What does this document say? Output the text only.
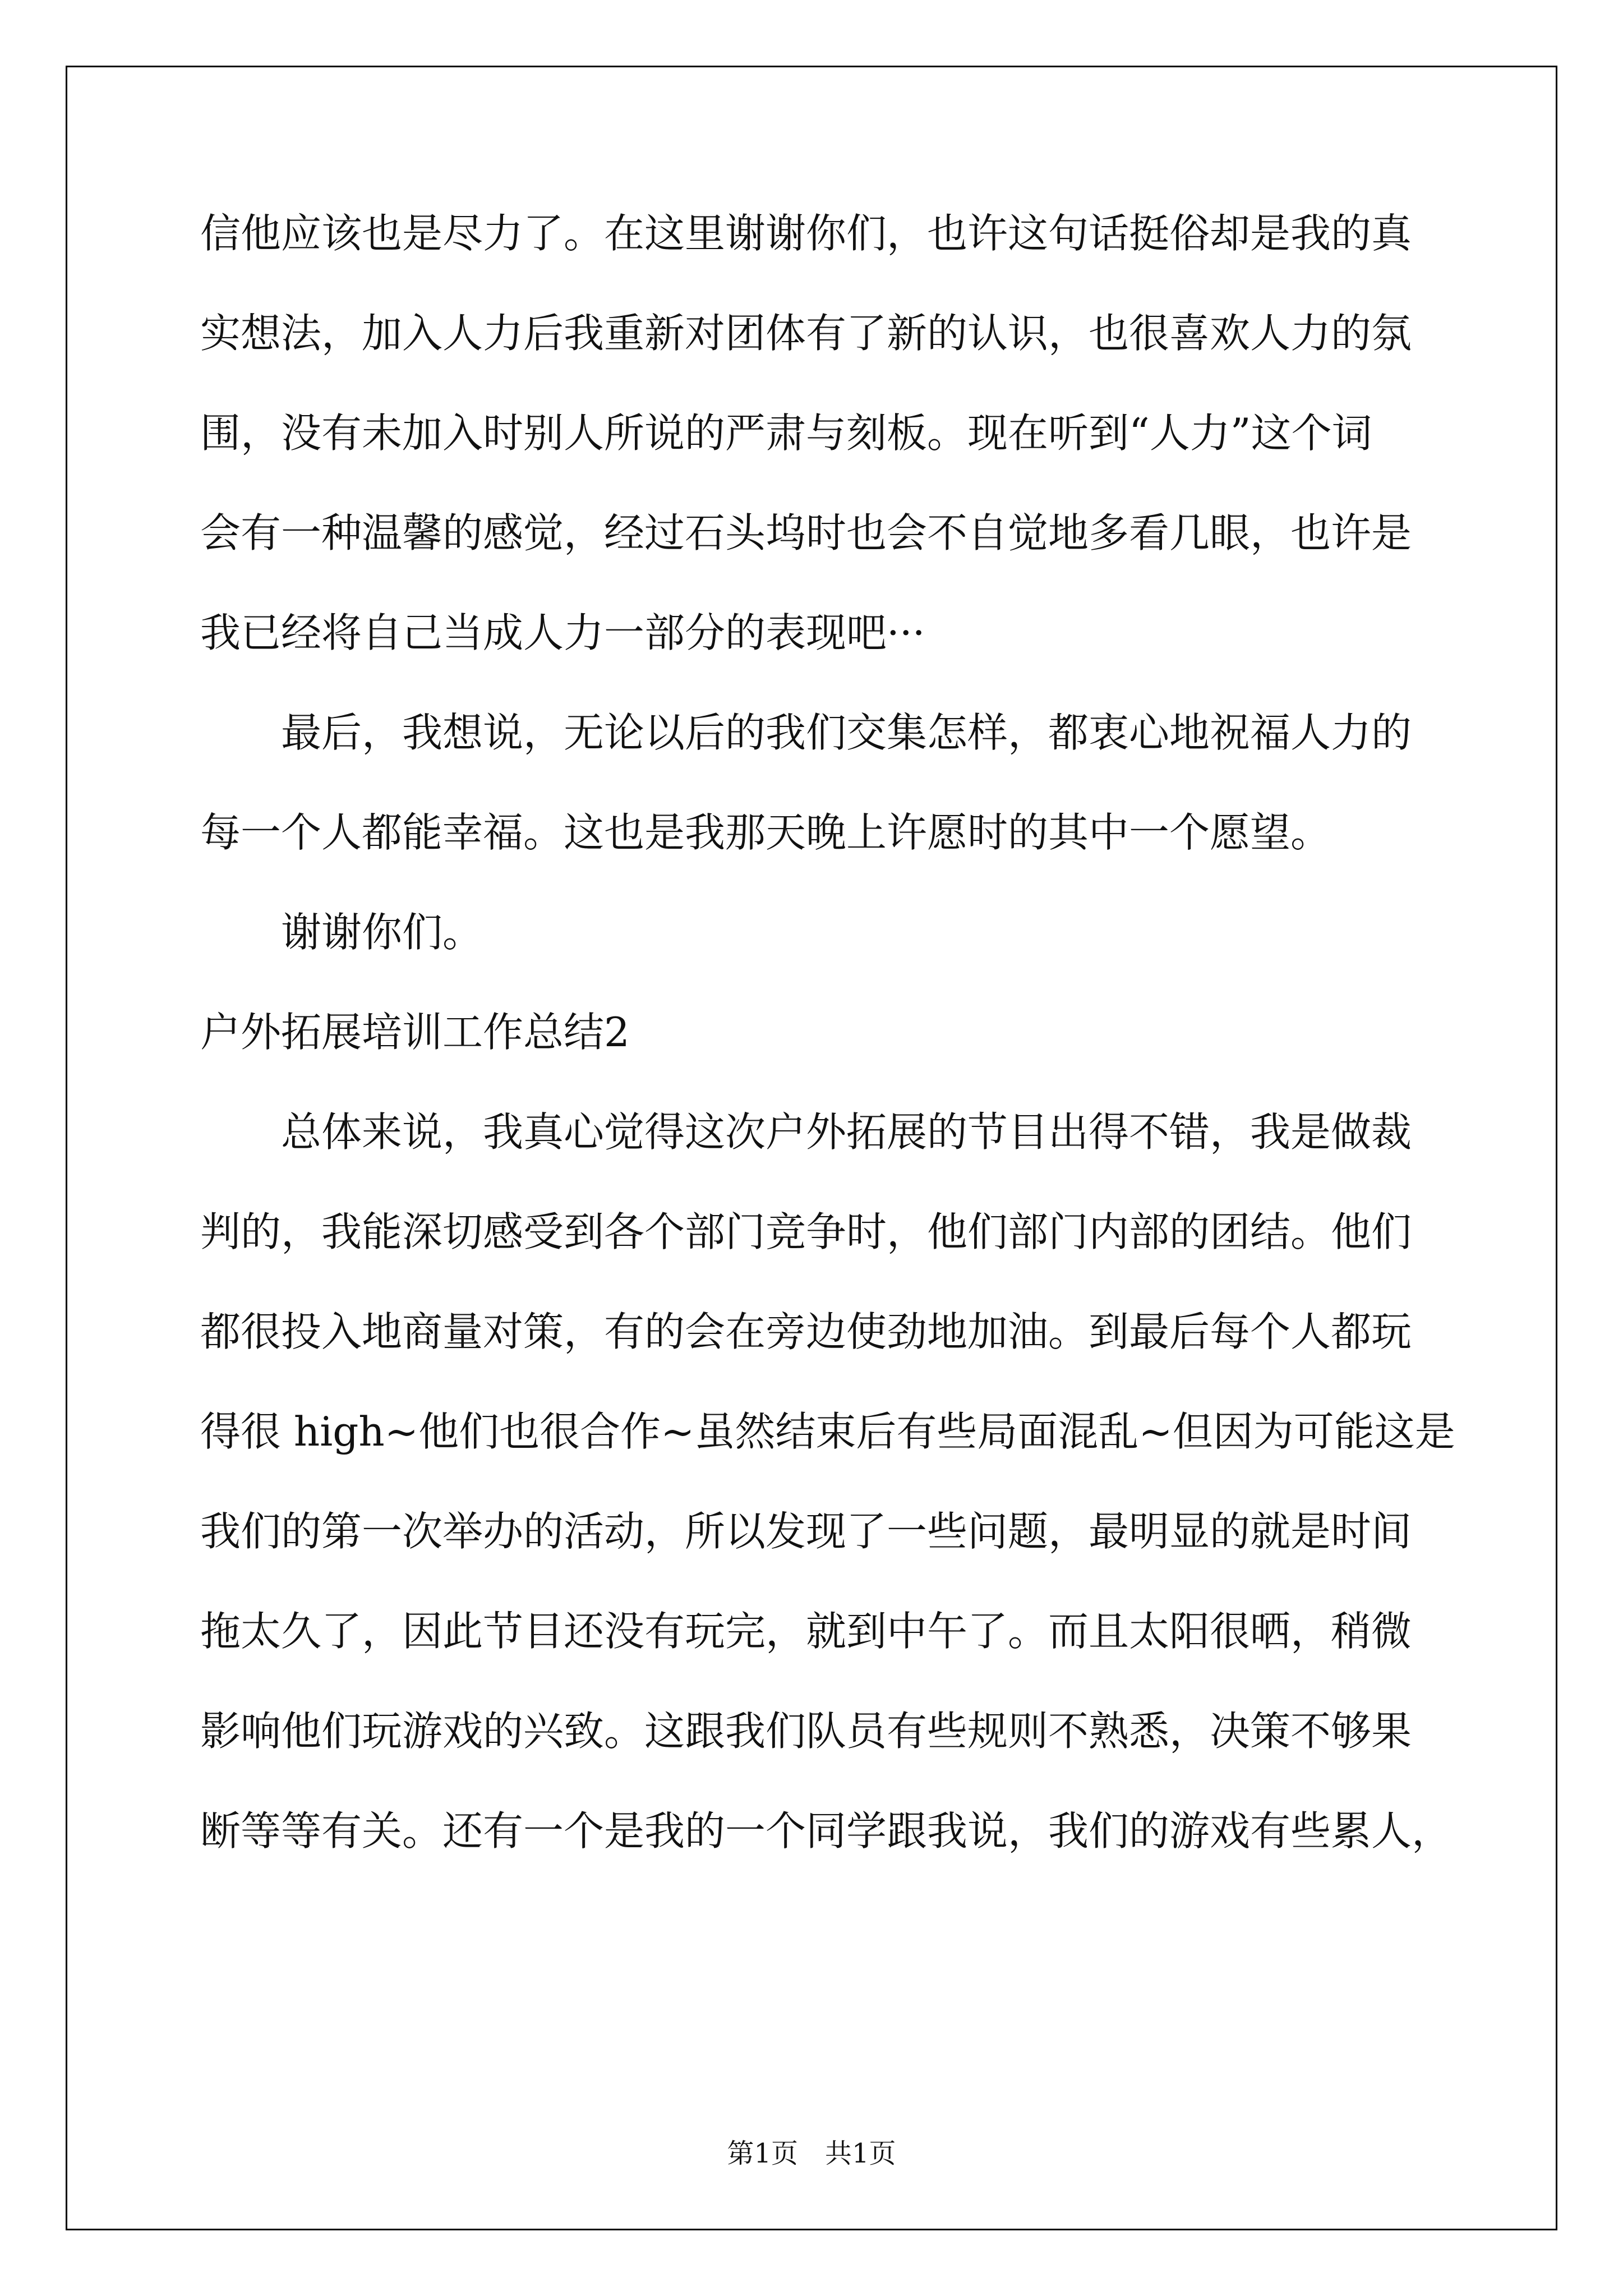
信他应该也是尽力了。在这里谢谢你们，也许这句话挺俗却是我的真
实想法，加入人力后我重新对团体有了新的认识，也很喜欢人力的氛
围，没有未加入时别人所说的严肃与刻板。现在听到“人力”这个词
会有一种温馨的感觉，经过石头坞时也会不自觉地多看几眼，也许是
我已经将自己当成人力一部分的表现吧···
最后，我想说，无论以后的我们交集怎样，都衷心地祝福人力的
每一个人都能幸福。这也是我那天晚上许愿时的其中一个愿望。
谢谢你们。
户外拓展培训工作总结2
总体来说，我真心觉得这次户外拓展的节目出得不错，我是做裁
判的，我能深切感受到各个部门竞争时，他们部门内部的团结。他们
都很投入地商量对策，有的会在旁边使劲地加油。到最后每个人都玩
得很 high~他们也很合作~虽然结束后有些局面混乱~但因为可能这是
我们的第一次举办的活动，所以发现了一些问题，最明显的就是时间
拖太久了，因此节目还没有玩完，就到中午了。而且太阳很晒，稍微
影响他们玩游戏的兴致。这跟我们队员有些规则不熟悉，决策不够果
断等等有关。还有一个是我的一个同学跟我说，我们的游戏有些累人，
第1页　共1页
